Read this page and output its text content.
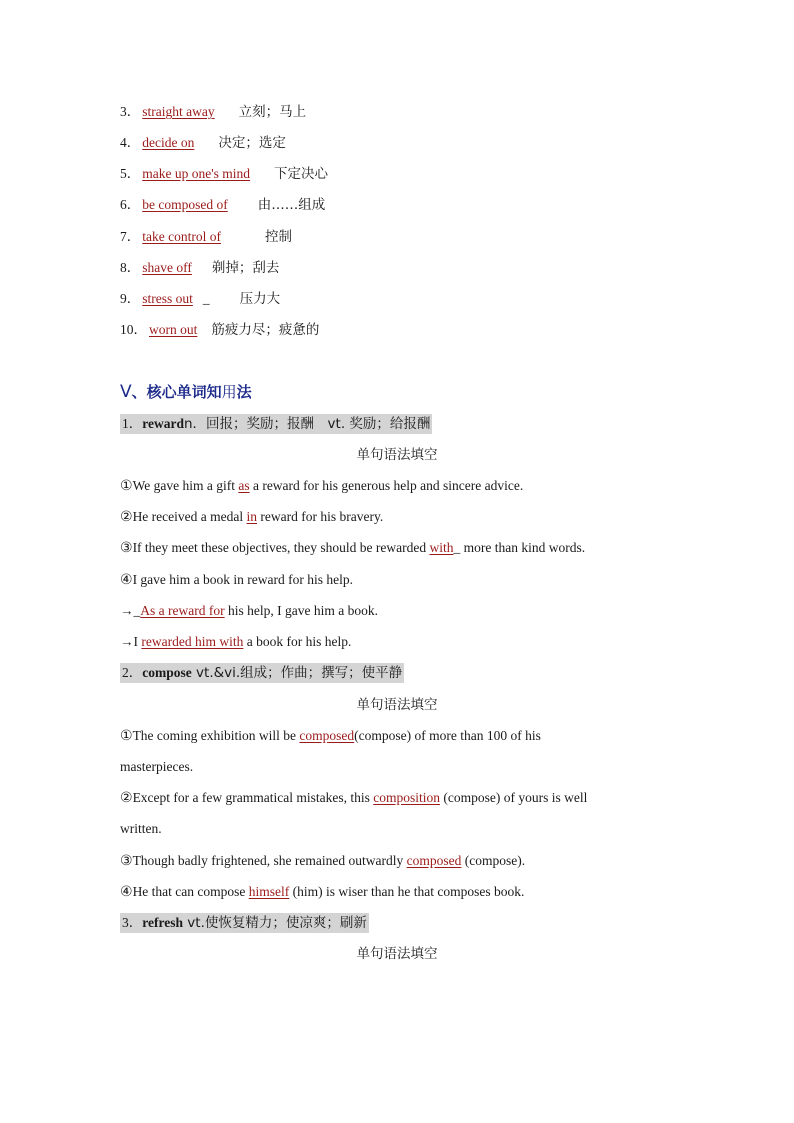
3． straight away 立刻；马上
4． decide on 决定；选定
5． make up one's mind 下定决心
6． be composed of 由……组成
7． take control of	控制
8． shave off 剃掉；刮去
9． stress out _ 压力大
10． worn out 筋疲力尽；疲惫的
Ⅴ、核心单词知用法
1．rewardn．回报；奖励；报酬　vt. 奖励；给报酬
单句语法填空
①We gave him a gift as a reward for his generous help and sincere advice.
②He received a medal in reward for his bravery.
③If they meet these objectives, they should be rewarded with_ more than kind words.
④I gave him a book in reward for his help.
→_As a reward for his help, I gave him a book.
→I rewarded him with a book for his help.
2．compose vt.&vi.组成；作曲；撰写；使平静
单句语法填空
①The coming exhibition will be composed(compose) of more than 100 of his
masterpieces.
②Except for a few grammatical mistakes, this composition (compose) of yours is well
written.
③Though badly frightened, she remained outwardly composed (compose).
④He that can compose himself (him) is wiser than he that composes book.
3．refresh vt.使恢复精力；使凉爽；刷新
单句语法填空
